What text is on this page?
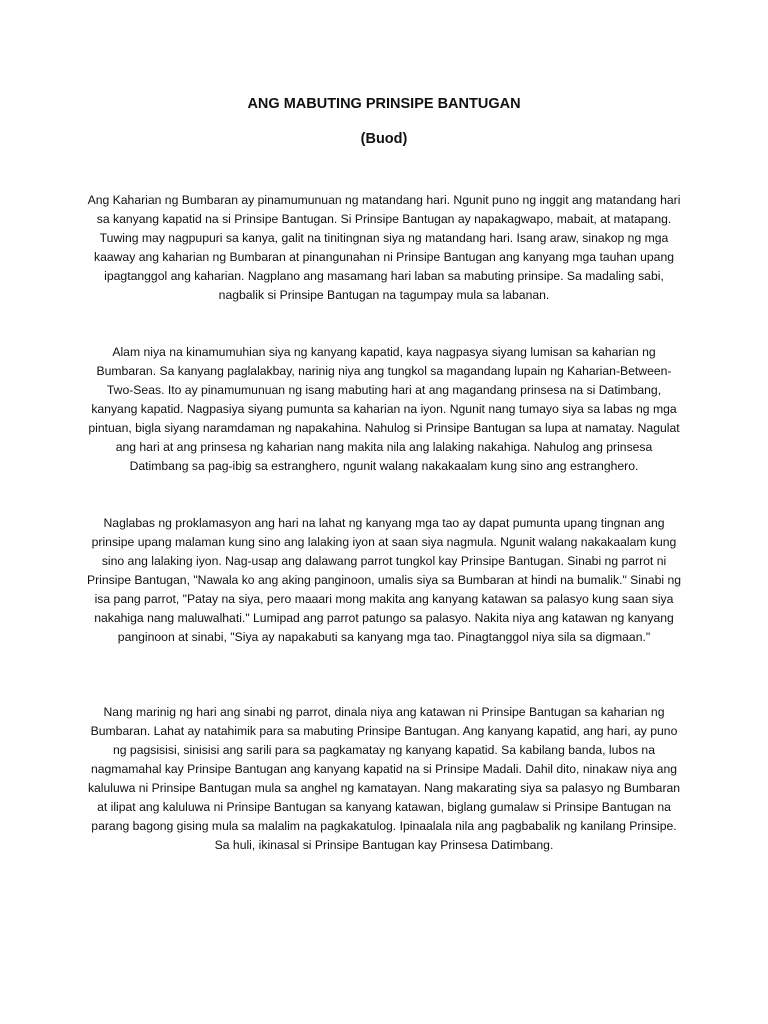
ANG MABUTING PRINSIPE BANTUGAN
(Buod)

Ang Kaharian ng Bumbaran ay pinamumunuan ng matandang hari. Ngunit puno ng inggit ang matandang hari sa kanyang kapatid na si Prinsipe Bantugan. Si Prinsipe Bantugan ay napakagwapo, mabait, at matapang. Tuwing may nagpupuri sa kanya, galit na tinitingnan siya ng matandang hari. Isang araw, sinakop ng mga kaaway ang kaharian ng Bumbaran at pinangunahan ni Prinsipe Bantugan ang kanyang mga tauhan upang ipagtanggol ang kaharian. Nagplano ang masamang hari laban sa mabuting prinsipe. Sa madaling sabi, nagbalik si Prinsipe Bantugan na tagumpay mula sa labanan.

Alam niya na kinamumuhian siya ng kanyang kapatid, kaya nagpasya siyang lumisan sa kaharian ng Bumbaran. Sa kanyang paglalakbay, narinig niya ang tungkol sa magandang lupain ng Kaharian-Between-Two-Seas. Ito ay pinamumunuan ng isang mabuting hari at ang magandang prinsesa na si Datimbang, kanyang kapatid. Nagpasiya siyang pumunta sa kaharian na iyon. Ngunit nang tumayo siya sa labas ng mga pintuan, bigla siyang naramdaman ng napakahina. Nahulog si Prinsipe Bantugan sa lupa at namatay. Nagulat ang hari at ang prinsesa ng kaharian nang makita nila ang lalaking nakahiga. Nahulog ang prinsesa Datimbang sa pag-ibig sa estranghero, ngunit walang nakakaalam kung sino ang estranghero.

Naglabas ng proklamasyon ang hari na lahat ng kanyang mga tao ay dapat pumunta upang tingnan ang prinsipe upang malaman kung sino ang lalaking iyon at saan siya nagmula. Ngunit walang nakakaalam kung sino ang lalaking iyon. Nag-usap ang dalawang parrot tungkol kay Prinsipe Bantugan. Sinabi ng parrot ni Prinsipe Bantugan, "Nawala ko ang aking panginoon, umalis siya sa Bumbaran at hindi na bumalik." Sinabi ng isa pang parrot, "Patay na siya, pero maaari mong makita ang kanyang katawan sa palasyo kung saan siya nakahiga nang maluwalhati." Lumipad ang parrot patungo sa palasyo. Nakita niya ang katawan ng kanyang panginoon at sinabi, "Siya ay napakabuti sa kanyang mga tao. Pinagtanggol niya sila sa digmaan."

Nang marinig ng hari ang sinabi ng parrot, dinala niya ang katawan ni Prinsipe Bantugan sa kaharian ng Bumbaran. Lahat ay natahimik para sa mabuting Prinsipe Bantugan. Ang kanyang kapatid, ang hari, ay puno ng pagsisisi, sinisisi ang sarili para sa pagkamatay ng kanyang kapatid. Sa kabilang banda, lubos na nagmamahal kay Prinsipe Bantugan ang kanyang kapatid na si Prinsipe Madali. Dahil dito, ninakaw niya ang kaluluwa ni Prinsipe Bantugan mula sa anghel ng kamatayan. Nang makarating siya sa palasyo ng Bumbaran at ilipat ang kaluluwa ni Prinsipe Bantugan sa kanyang katawan, biglang gumalaw si Prinsipe Bantugan na parang bagong gising mula sa malalim na pagkakatulog. Ipinaalala nila ang pagbabalik ng kanilang Prinsipe. Sa huli, ikinasal si Prinsipe Bantugan kay Prinsesa Datimbang.
